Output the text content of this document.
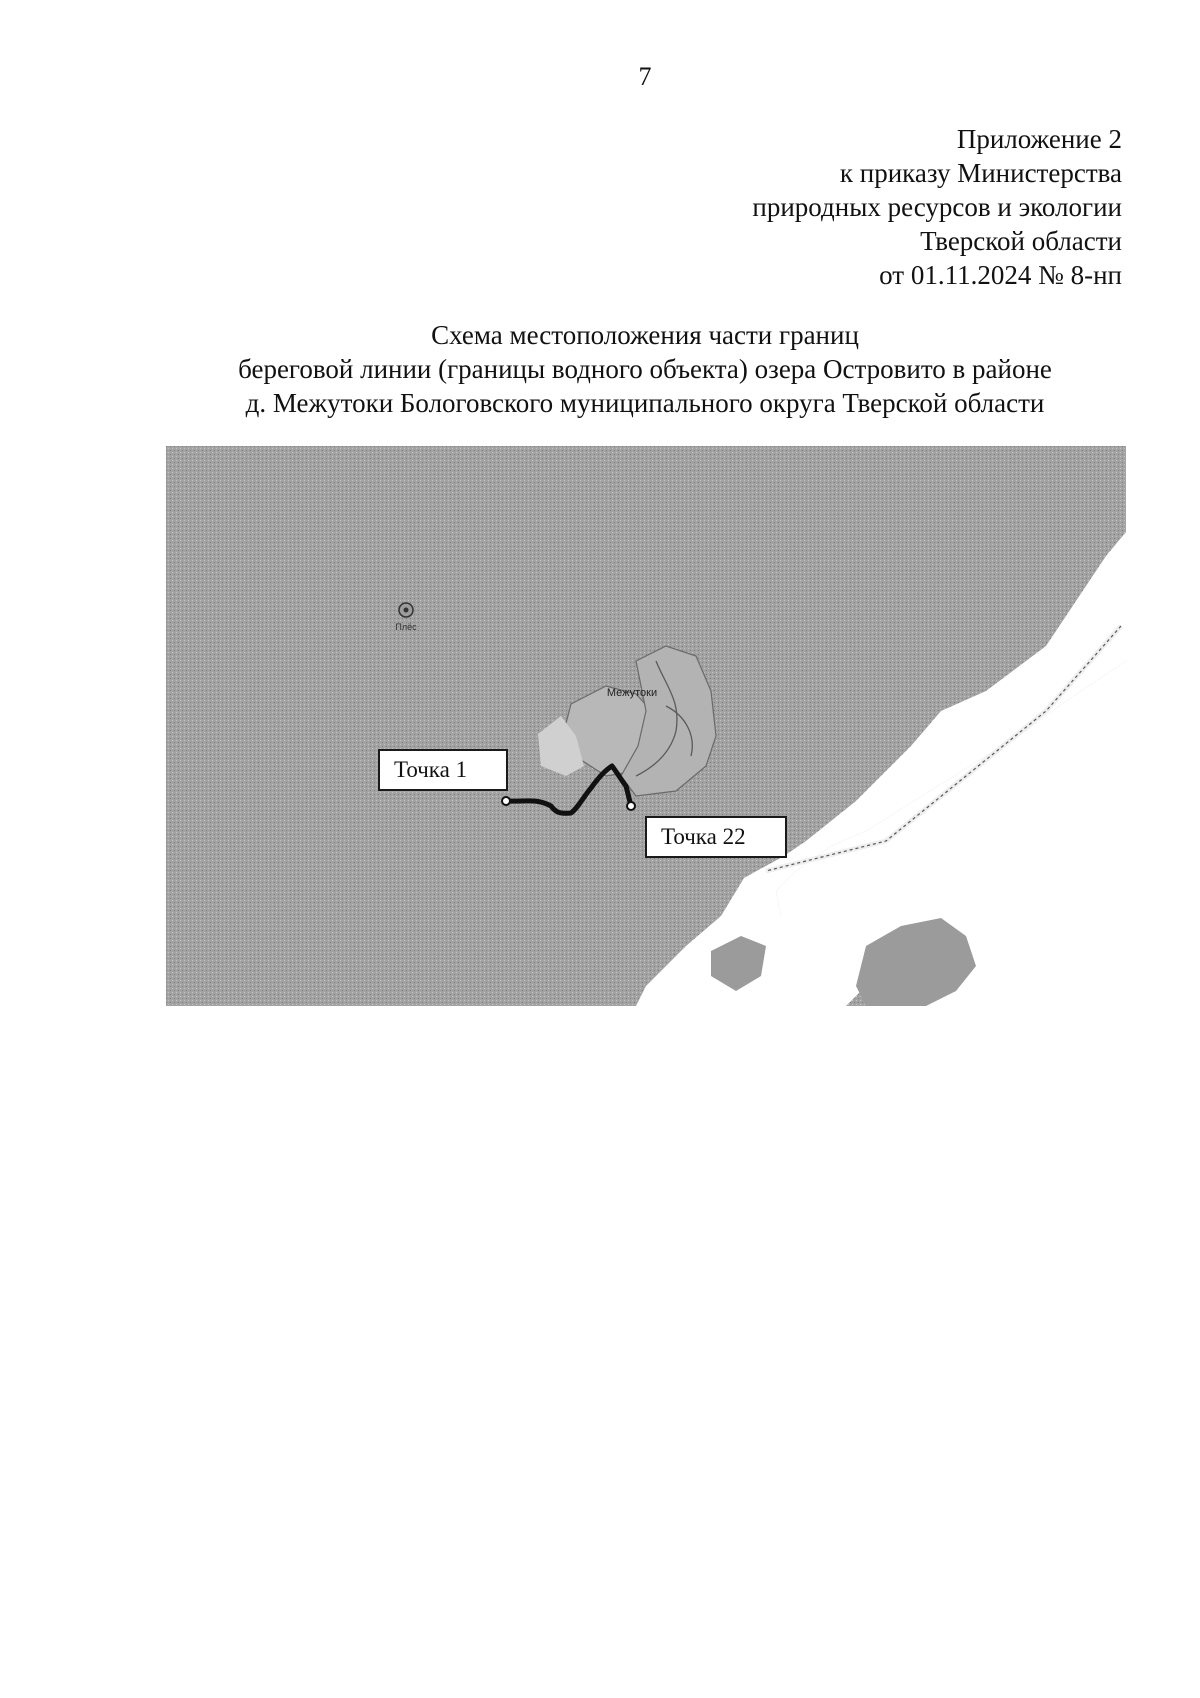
7
Приложение 2
к приказу Министерства
природных ресурсов и экологии
Тверской области
от 01.11.2024 № 8-нп
Схема местоположения части границ
береговой линии (границы водного объекта) озера Островито в районе
д. Межутоки Бологовского муниципального округа Тверской области
Плёс
Межутоки
Точка 1
Точка 22
